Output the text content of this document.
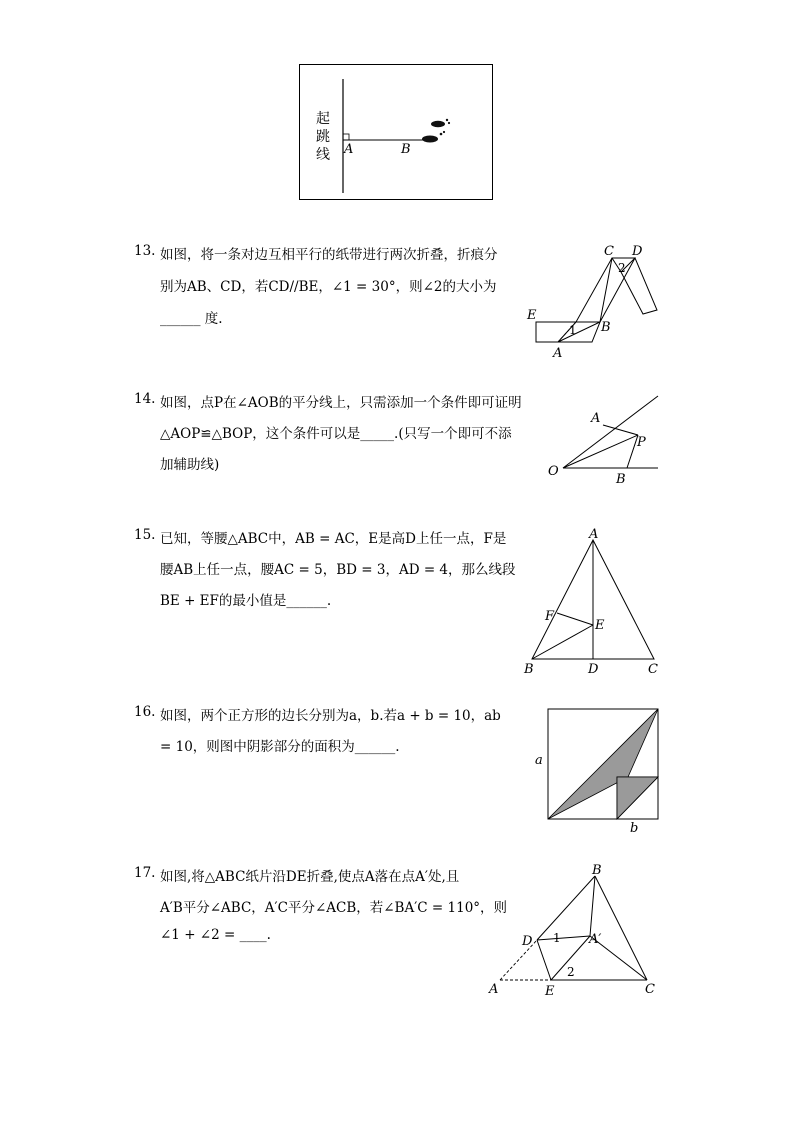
起
跳
线 A	B
13. 如图，将一条对边互相平行的纸带进行两次折叠，折痕分
别为AB、CD，若CD//BE，∠1 = 30°，则∠2的大小为
______ 度.
C D
2
E
1 B
A
14. 如图，点P在∠AOB的平分线上，只需添加一个条件即可证明
△AOP≌△BOP，这个条件可以是_____.(只写一个即可不添
加辅助线)
A
P
O
B
15. 已知，等腰△ABC中，AB = AC，E是高D上任一点，F是
腰AB上任一点，腰AC = 5，BD = 3，AD = 4，那么线段
BE + EF的最小值是______.
A
F
E
B	D	C
16. 如图，两个正方形的边长分别为a，b.若a + b = 10，ab
= 10，则图中阴影部分的面积为______.
a
b
17. 如图,将△ABC纸片沿DE折叠,使点A落在点A′处,且
A′B平分∠ABC，A′C平分∠ACB，若∠BA′C = 110°，则
∠1 + ∠2 = ____.
B
D 1 A′
2
A	E	C
